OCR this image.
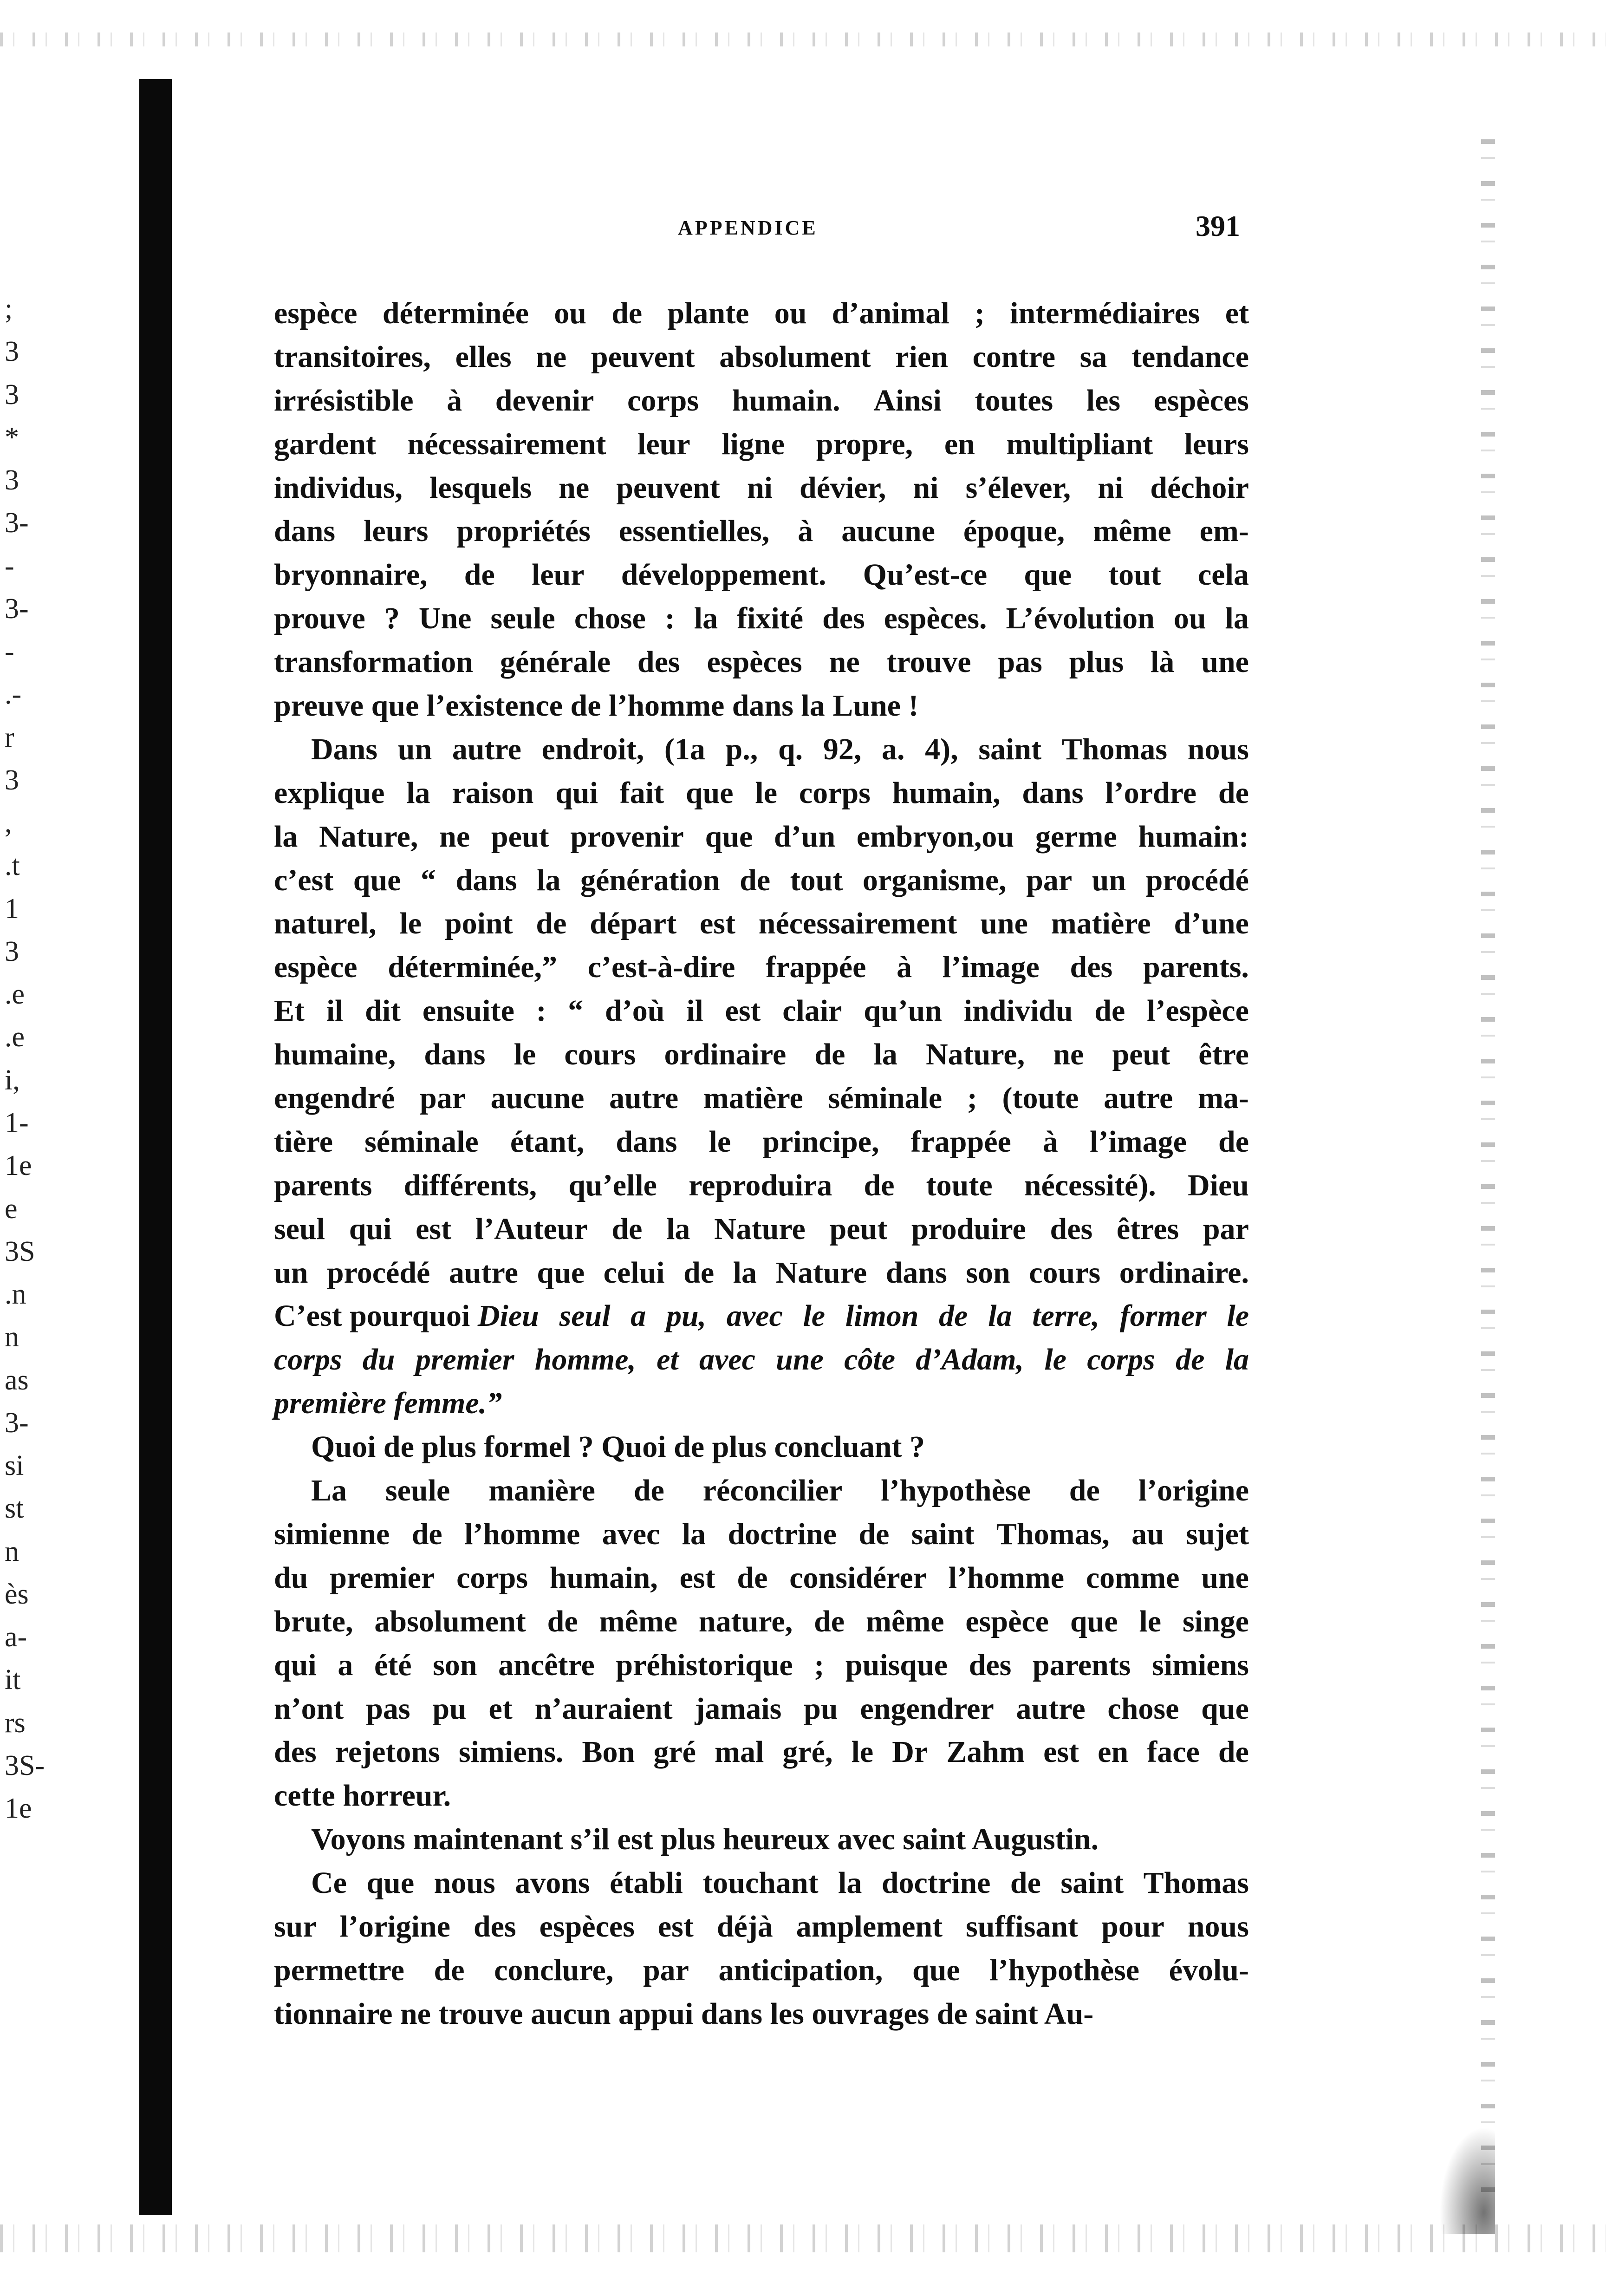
;
3
3
*
3
3-
-
3-
-
.-
r
3
,
.t
1
3
.e
.e
i,
1-
1e
e
3S
.n
n
as
3-
si
st
n
ès
a-
it
rs
3S-
1e
APPENDICE	391
espèce déterminée ou de plante ou d’animal ; intermédiaires et
transitoires, elles ne peuvent absolument rien contre sa tendance
irrésistible à devenir corps humain. Ainsi toutes les espèces
gardent nécessairement leur ligne propre, en multipliant leurs
individus, lesquels ne peuvent ni dévier, ni s’élever, ni déchoir
dans leurs propriétés essentielles, à aucune époque, même em-
bryonnaire, de leur développement. Qu’est-ce que tout cela
prouve ? Une seule chose : la fixité des espèces. L’évolution ou la
transformation générale des espèces ne trouve pas plus là une
preuve que l’existence de l’homme dans la Lune !
Dans un autre endroit, (1a p., q. 92, a. 4), saint Thomas nous
explique la raison qui fait que le corps humain, dans l’ordre de
la Nature, ne peut provenir que d’un embryon,ou germe humain:
c’est que “ dans la génération de tout organisme, par un procédé
naturel, le point de départ est nécessairement une matière d’une
espèce déterminée,” c’est-à-dire frappée à l’image des parents.
Et il dit ensuite : “ d’où il est clair qu’un individu de l’espèce
humaine, dans le cours ordinaire de la Nature, ne peut être
engendré par aucune autre matière séminale ; (toute autre ma-
tière séminale étant, dans le principe, frappée à l’image de
parents différents, qu’elle reproduira de toute nécessité). Dieu
seul qui est l’Auteur de la Nature peut produire des êtres par
un procédé autre que celui de la Nature dans son cours ordinaire.
C’est pourquoi Dieu seul a pu, avec le limon de la terre, former le
corps du premier homme, et avec une côte d’Adam, le corps de la
première femme.”
Quoi de plus formel ? Quoi de plus concluant ?
La seule manière de réconcilier l’hypothèse de l’origine
simienne de l’homme avec la doctrine de saint Thomas, au sujet
du premier corps humain, est de considérer l’homme comme une
brute, absolument de même nature, de même espèce que le singe
qui a été son ancêtre préhistorique ; puisque des parents simiens
n’ont pas pu et n’auraient jamais pu engendrer autre chose que
des rejetons simiens. Bon gré mal gré, le Dr Zahm est en face de
cette horreur.
Voyons maintenant s’il est plus heureux avec saint Augustin.
Ce que nous avons établi touchant la doctrine de saint Thomas
sur l’origine des espèces est déjà amplement suffisant pour nous
permettre de conclure, par anticipation, que l’hypothèse évolu-
tionnaire ne trouve aucun appui dans les ouvrages de saint Au-
